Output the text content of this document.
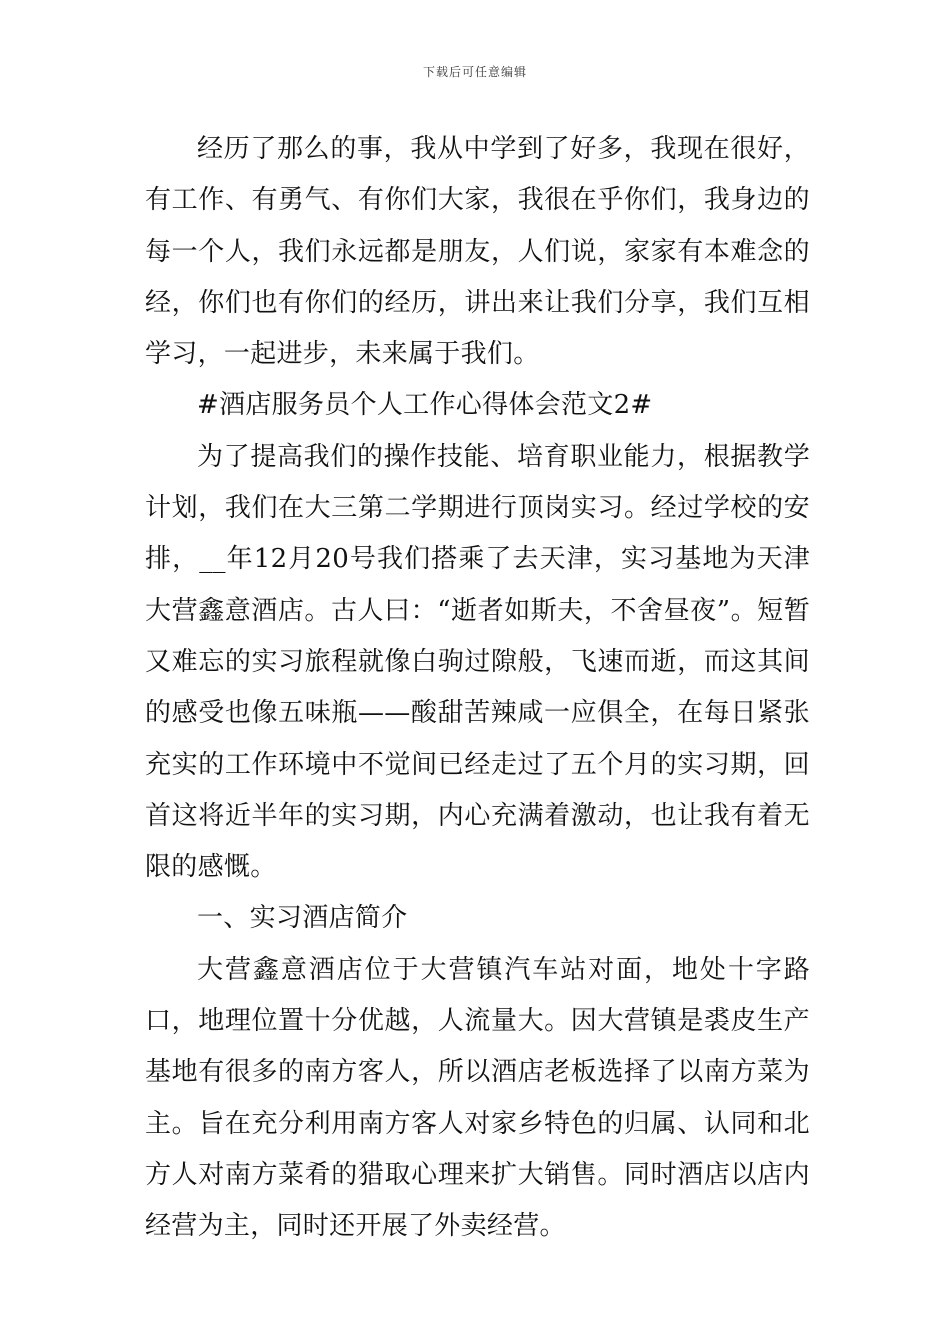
下载后可任意编辑

经历了那么的事，我从中学到了好多，我现在很好，有工作、有勇气、有你们大家，我很在乎你们，我身边的每一个人，我们永远都是朋友，人们说，家家有本难念的经，你们也有你们的经历，讲出来让我们分享，我们互相学习，一起进步，未来属于我们。

#酒店服务员个人工作心得体会范文2#

为了提高我们的操作技能、培育职业能力，根据教学计划，我们在大三第二学期进行顶岗实习。经过学校的安排，__年12月20号我们搭乘了去天津，实习基地为天津大营鑫意酒店。古人曰：“逝者如斯夫，不舍昼夜”。短暂又难忘的实习旅程就像白驹过隙般，飞速而逝，而这其间的感受也像五味瓶——酸甜苦辣咸一应俱全，在每日紧张充实的工作环境中不觉间已经走过了五个月的实习期，回首这将近半年的实习期，内心充满着激动，也让我有着无限的感慨。

一、实习酒店简介

大营鑫意酒店位于大营镇汽车站对面，地处十字路口，地理位置十分优越，人流量大。因大营镇是裘皮生产基地有很多的南方客人，所以酒店老板选择了以南方菜为主。旨在充分利用南方客人对家乡特色的归属、认同和北方人对南方菜肴的猎取心理来扩大销售。同时酒店以店内经营为主，同时还开展了外卖经营。
